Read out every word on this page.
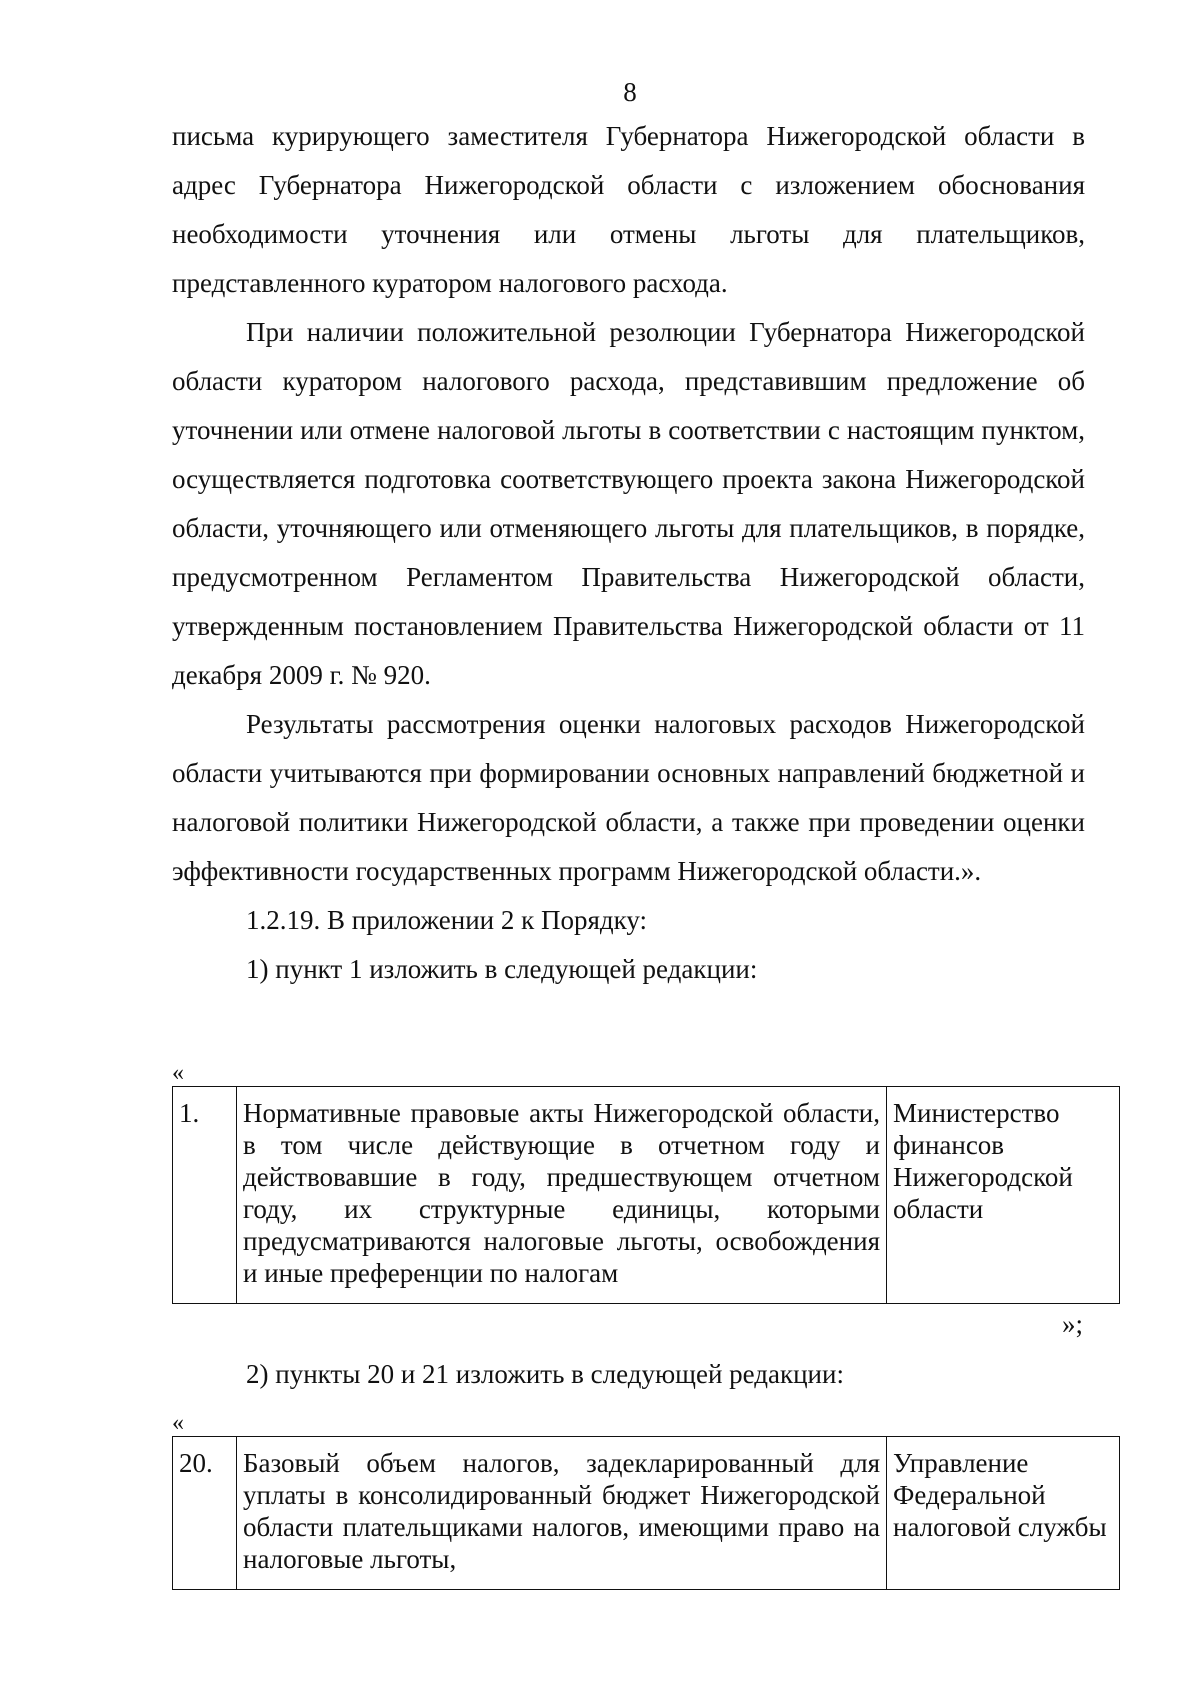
8

письма курирующего заместителя Губернатора Нижегородской области в адрес Губернатора Нижегородской области с изложением обоснования необходимости уточнения или отмены льготы для плательщиков, представленного куратором налогового расхода.

При наличии положительной резолюции Губернатора Нижегородской области куратором налогового расхода, представившим предложение об уточнении или отмене налоговой льготы в соответствии с настоящим пунктом, осуществляется подготовка соответствующего проекта закона Нижегородской области, уточняющего или отменяющего льготы для плательщиков, в порядке, предусмотренном Регламентом Правительства Нижегородской области, утвержденным постановлением Правительства Нижегородской области от 11 декабря 2009 г. № 920.

Результаты рассмотрения оценки налоговых расходов Нижегородской области учитываются при формировании основных направлений бюджетной и налоговой политики Нижегородской области, а также при проведении оценки эффективности государственных программ Нижегородской области.».

1.2.19. В приложении 2 к Порядку:

1) пункт 1 изложить в следующей редакции:

«
1.	Нормативные правовые акты Нижегородской области, в том числе действующие в отчетном году и действовавшие в году, предшествующем отчетном году, их структурные единицы, которыми предусматриваются налоговые льготы, освобождения и иные преференции по налогам	Министерство финансов Нижегородской области
»;

2) пункты 20 и 21 изложить в следующей редакции:

«
20.	Базовый объем налогов, задекларированный для уплаты в консолидированный бюджет Нижегородской области плательщиками налогов, имеющими право на налоговые льготы,	Управление Федеральной налоговой службы
